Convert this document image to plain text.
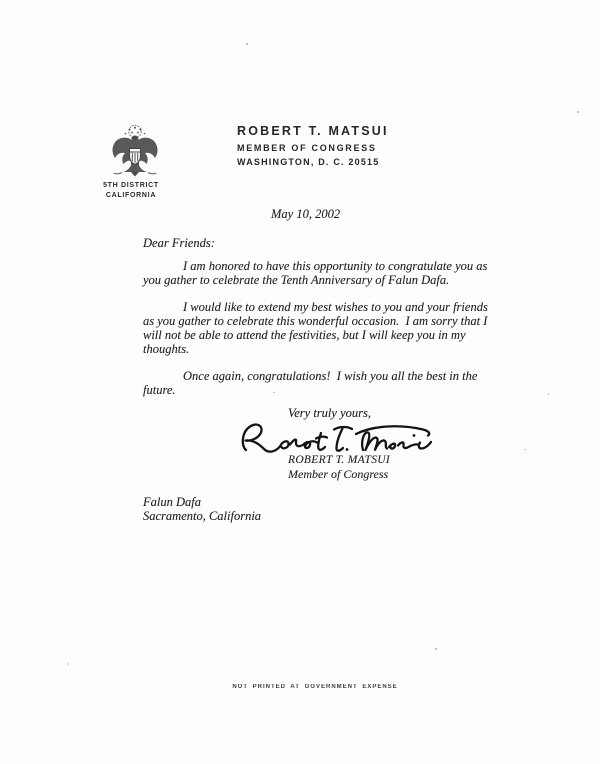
5TH DISTRICT
CALIFORNIA
ROBERT T. MATSUI
MEMBER OF CONGRESS
WASHINGTON, D. C. 20515
May 10, 2002
Dear Friends:

I am honored to have this opportunity to congratulate you as you gather to celebrate the Tenth Anniversary of Falun Dafa.

I would like to extend my best wishes to you and your friends as you gather to celebrate this wonderful occasion.  I am sorry that I will not be able to attend the festivities, but I will keep you in my thoughts.

Once again, congratulations!  I wish you all the best in the future.

Very truly yours,
ROBERT T. MATSUI
Member of Congress
Falun Dafa
Sacramento, California
NOT PRINTED AT GOVERNMENT EXPENSE
